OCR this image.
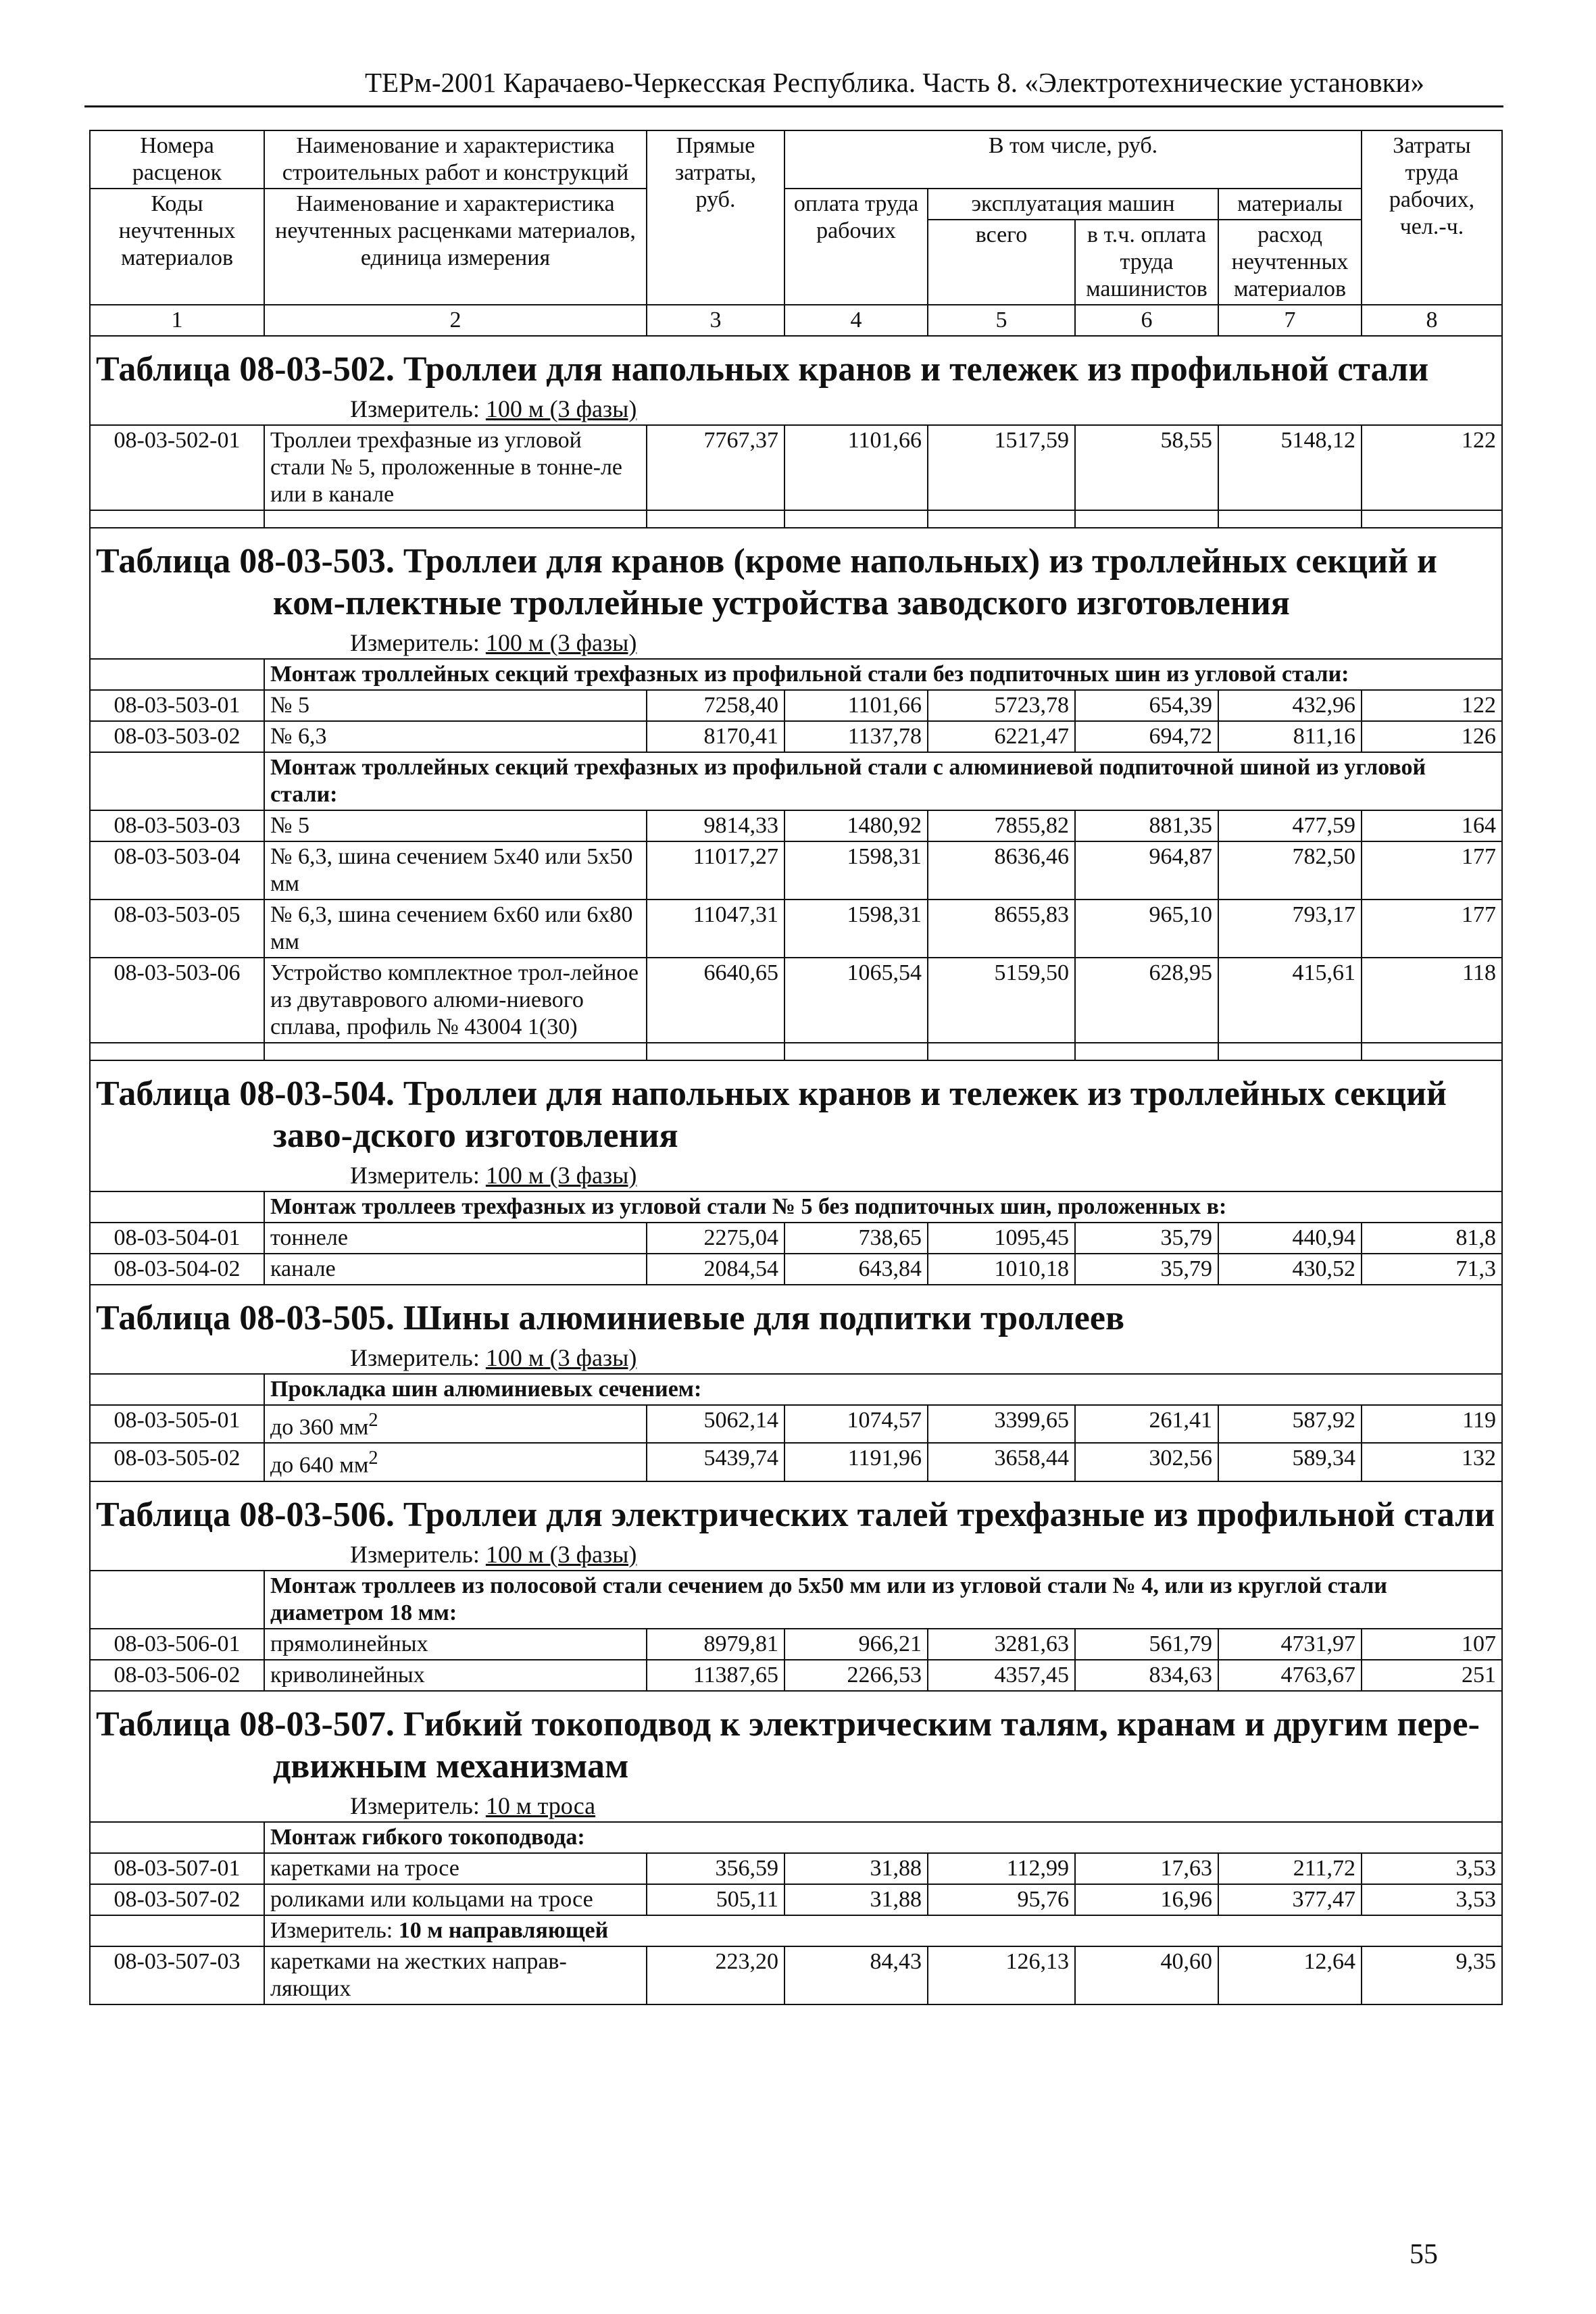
ТЕРм-2001 Карачаево-Черкесская Республика. Часть 8. «Электротехнические установки»
Номера расценок	Наименование и характеристика строительных работ и конструкций	Прямые затраты, руб.	В том числе, руб.				Затраты труда рабочих, чел.-ч.
Коды неучтенных материалов	Наименование и характеристика неучтенных расценками материалов, единица измерения		оплата труда рабочих	эксплуатация машин		материалы	
				всего	в т.ч. оплата труда машинистов	расход неучтенных материалов	
1	2	3	4	5	6	7	8

Таблица 08-03-502. Троллеи для напольных кранов и тележек из профильной стали							

Измеритель: 100 м (3 фазы)							
08-03-502-01	Троллеи трехфазные из угловой стали № 5, проложенные в тонне-ле или в канале	7767,37	1101,66	1517,59	58,55	5148,12	122

Таблица 08-03-503. Троллеи для кранов (кроме напольных) из троллейных секций и ком-плектные троллейные устройства заводского изготовления							

Измеритель: 100 м (3 фазы)							
	Монтаж троллейных секций трехфазных из профильной стали без подпиточных шин из угловой стали:						
08-03-503-01	№ 5	7258,40	1101,66	5723,78	654,39	432,96	122
08-03-503-02	№ 6,3	8170,41	1137,78	6221,47	694,72	811,16	126
	Монтаж троллейных секций трехфазных из профильной стали с алюминиевой подпиточной шиной из угловой стали:						
08-03-503-03	№ 5	9814,33	1480,92	7855,82	881,35	477,59	164
08-03-503-04	№ 6,3, шина сечением 5х40 или 5х50 мм	11017,27	1598,31	8636,46	964,87	782,50	177
08-03-503-05	№ 6,3, шина сечением 6х60 или 6х80 мм	11047,31	1598,31	8655,83	965,10	793,17	177
08-03-503-06	Устройство комплектное трол-лейное из двутаврового алюми-ниевого сплава, профиль № 43004 1(30)	6640,65	1065,54	5159,50	628,95	415,61	118

Таблица 08-03-504. Троллеи для напольных кранов и тележек из троллейных секций заво-дского изготовления							

Измеритель: 100 м (3 фазы)							
	Монтаж троллеев трехфазных из угловой стали № 5 без подпиточных шин, проложенных в:						
08-03-504-01	тоннеле	2275,04	738,65	1095,45	35,79	440,94	81,8
08-03-504-02	канале	2084,54	643,84	1010,18	35,79	430,52	71,3

Таблица 08-03-505. Шины алюминиевые для подпитки троллеев							

Измеритель: 100 м (3 фазы)							
	Прокладка шин алюминиевых сечением:						
08-03-505-01	до 360 $мм^2$	5062,14	1074,57	3399,65	261,41	587,92	119
08-03-505-02	до 640 $мм^2$	5439,74	1191,96	3658,44	302,56	589,34	132

Таблица 08-03-506. Троллеи для электрических талей трехфазные из профильной стали							

Измеритель: 100 м (3 фазы)							
	Монтаж троллеев из полосовой стали сечением до 5х50 мм или из угловой стали № 4, или из круглой стали диаметром 18 мм:						
08-03-506-01	прямолинейных	8979,81	966,21	3281,63	561,79	4731,97	107
08-03-506-02	криволинейных	11387,65	2266,53	4357,45	834,63	4763,67	251

Таблица 08-03-507. Гибкий токоподвод к электрическим талям, кранам и другим пере-движным механизмам							

Измеритель: 10 м троса							
	Монтаж гибкого токоподвода:						
08-03-507-01	каретками на тросе	356,59	31,88	112,99	17,63	211,72	3,53
08-03-507-02	роликами или кольцами на тросе	505,11	31,88	95,76	16,96	377,47	3,53
	Измеритель: 10 м направляющей						
08-03-507-03	каретками на жестких направ-ляющих	223,20	84,43	126,13	40,60	12,64	9,35
55
